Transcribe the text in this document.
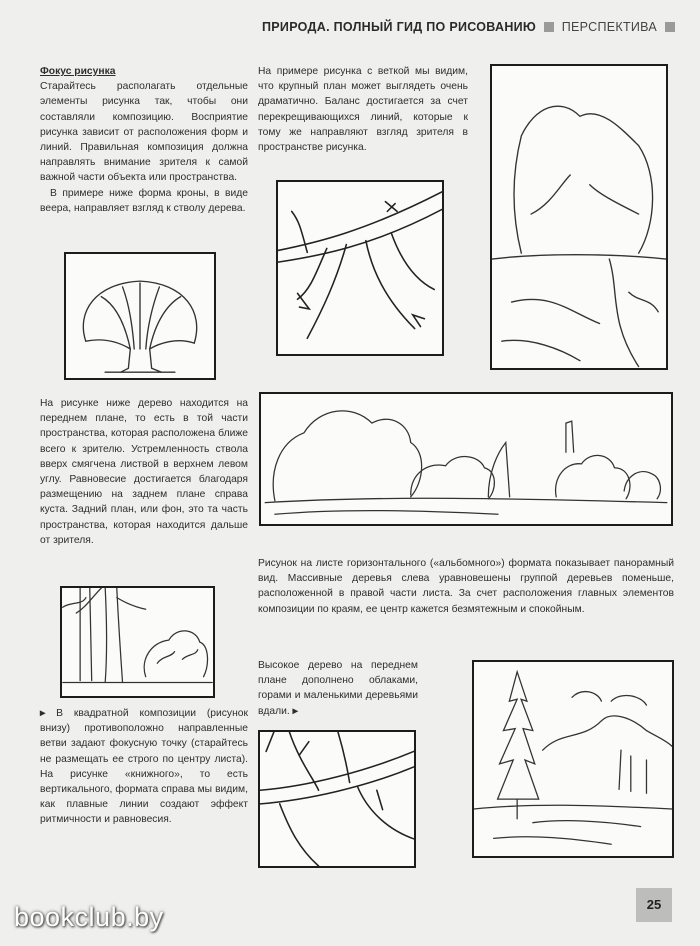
ПРИРОДА. ПОЛНЫЙ ГИД ПО РИСОВАНИЮ ПЕРСПЕКТИВА
Фокус рисунка

Старайтесь располагать отдельные элементы рисунка так, чтобы они составляли композицию. Восприятие рисунка зависит от расположения форм и линий. Правильная композиция должна направлять внимание зрителя к самой важной части объекта или пространства.

В примере ниже форма кроны, в виде веера, направляет взгляд к стволу дерева.

На рисунке ниже дерево находится на переднем плане, то есть в той части пространства, которая расположена ближе всего к зрителю. Устремленность ствола вверх смягчена листвой в верхнем левом углу. Равновесие достигается благодаря размещению на заднем плане справа куста. Задний план, или фон, это та часть пространства, которая находится дальше от зрителя.

▸ В квадратной композиции (рисунок внизу) противоположно направленные ветви задают фокусную точку (старайтесь не размещать ее строго по центру листа). На рисунке «книжного», то есть вертикального, формата справа мы видим, как плавные линии создают эффект ритмичности и равновесия.

На примере рисунка с веткой мы видим, что крупный план может выглядеть очень драматично. Баланс достигается за счет перекрещивающихся линий, которые к тому же направляют взгляд зрителя в пространстве рисунка.

Рисунок на листе горизонтального («альбомного») формата показывает панорамный вид. Массивные деревья слева уравновешены группой деревьев поменьше, расположенной в правой части листа. За счет расположения главных элементов композиции по краям, ее центр кажется безмятежным и спокойным.

Высокое дерево на переднем плане дополнено облаками, горами и маленькими деревьями вдали. ▸

25
bookclub.by
